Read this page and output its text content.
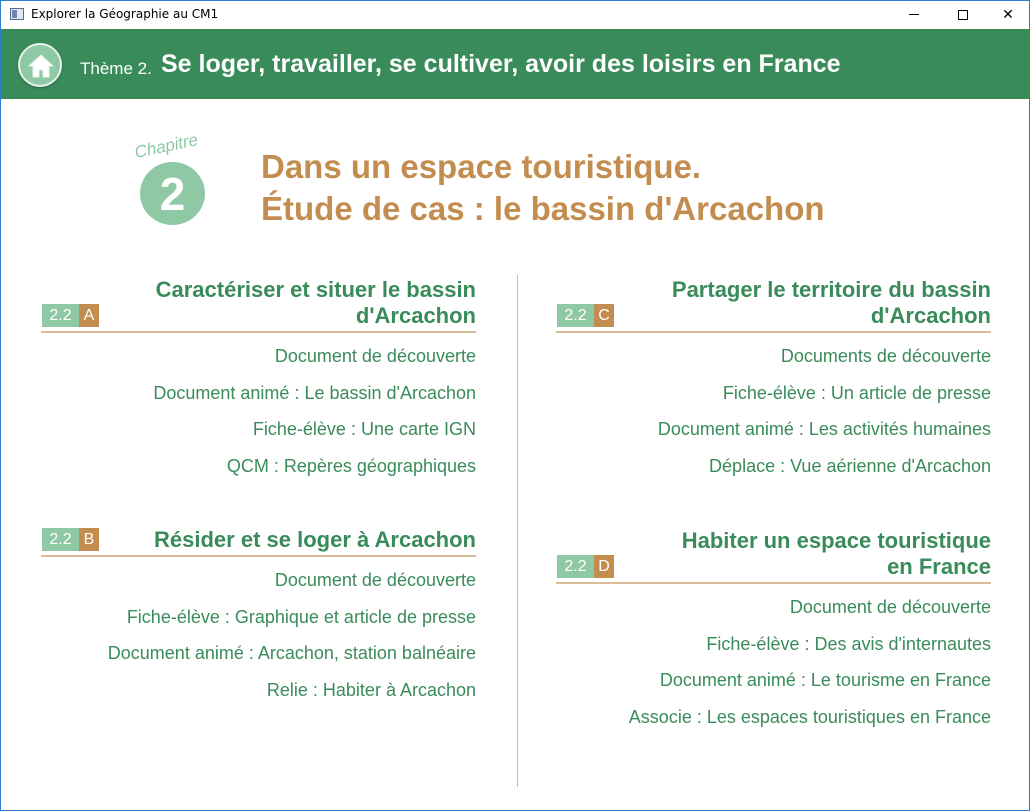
Explorer la Géographie au CM1	✕
Thème 2. Se loger, travailler, se cultiver, avoir des loisirs en France
Chapitre
2
Dans un espace touristique.
Étude de cas : le bassin d'Arcachon
Caractériser et situer le bassin
d'Arcachon
2.2 A
Document de découverte
Document animé : Le bassin d'Arcachon
Fiche-élève : Une carte IGN
QCM : Repères géographiques
Résider et se loger à Arcachon
2.2 B
Document de découverte
Fiche-élève : Graphique et article de presse
Document animé : Arcachon, station balnéaire
Relie : Habiter à Arcachon
Partager le territoire du bassin
d'Arcachon
2.2 C
Documents de découverte
Fiche-élève : Un article de presse
Document animé : Les activités humaines
Déplace : Vue aérienne d'Arcachon
Habiter un espace touristique
en France
2.2 D
Document de découverte
Fiche-élève : Des avis d'internautes
Document animé : Le tourisme en France
Associe : Les espaces touristiques en France
